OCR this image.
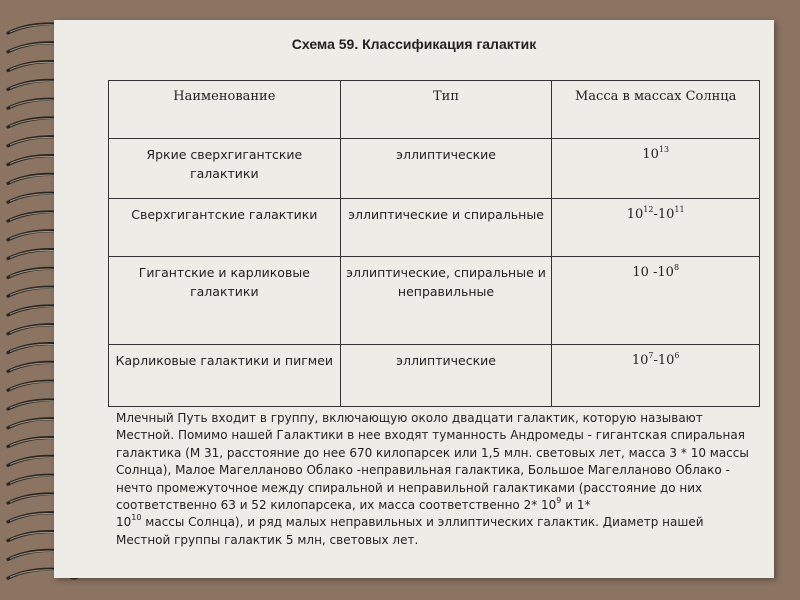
Схема 59. Классификация галактик
Наименование	Тип	Масса в массах Солнца
Яркие сверхгигантские галактики	эллиптические	$10^{13}$
Сверхгигантские галактики	эллиптические и спиральные	$10^{12}-10^{11}$
Гигантские и карликовые галактики	эллиптические, спиральные и неправильные	10 $-10^8$
Карликовые галактики и пигмеи	эллиптические	$10^7-10^6$
Млечный Путь входит в группу, включающую около двадцати галактик, которую называют Местной. Помимо нашей Галактики в нее входят туманность Андромеды - гигантская спиральная галактика (М 31, расстояние до нее 670 килопарсек или 1,5 млн. световых лет, масса 3 * 10 массы Солнца), Малое Магелланово Облако -неправильная галактика, Большое Магелланово Облако - нечто промежуточное между спиральной и неправильной галактиками (расстояние до них соответственно 63 и 52 килопарсека, их масса соответственно 2* $10^9$ и 1*
$10^{10}$ массы Солнца), и ряд малых неправильных и эллиптических галактик. Диаметр нашей Местной группы галактик 5 млн, световых лет.
